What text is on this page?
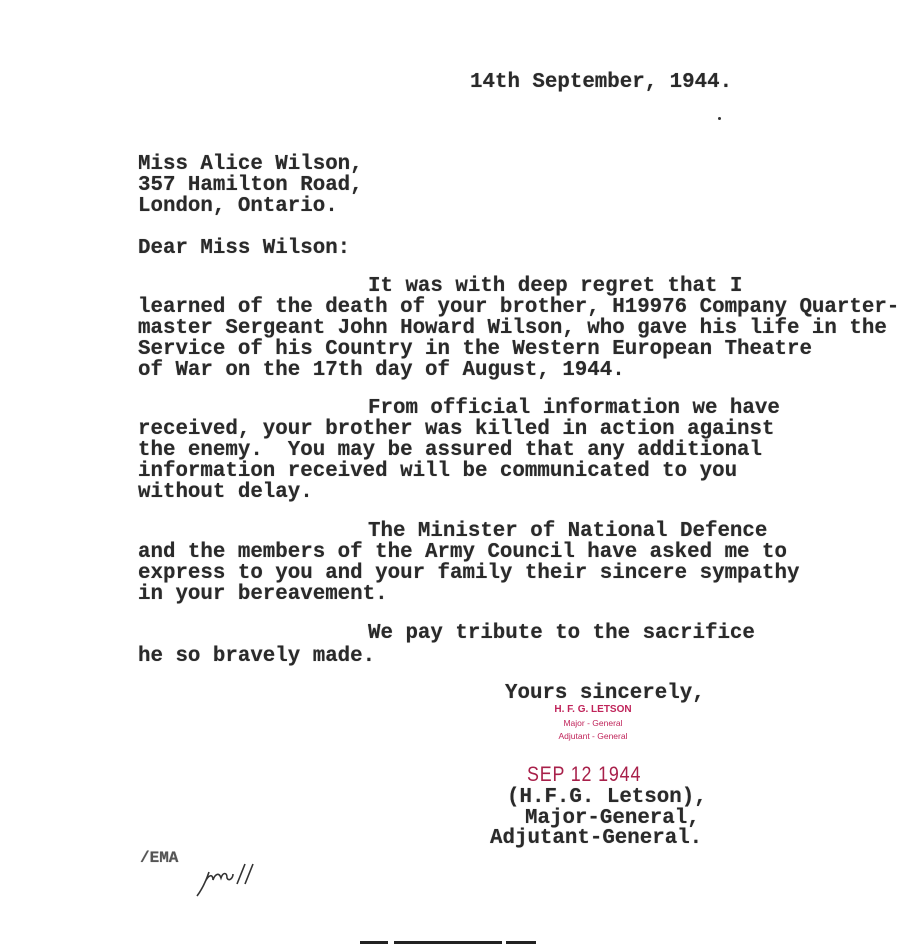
14th September, 1944.
Miss Alice Wilson,
357 Hamilton Road,
London, Ontario.
Dear Miss Wilson:
It was with deep regret that I
learned of the death of your brother, H19976 Company Quarter-
master Sergeant John Howard Wilson, who gave his life in the
Service of his Country in the Western European Theatre
of War on the 17th day of August, 1944.
From official information we have
received, your brother was killed in action against
the enemy.  You may be assured that any additional
information received will be communicated to you
without delay.
The Minister of National Defence
and the members of the Army Council have asked me to
express to you and your family their sincere sympathy
in your bereavement.
We pay tribute to the sacrifice
he so bravely made.
Yours sincerely,
H. F. G. LETSON
Major - General
Adjutant - General
SEP 12 1944
(H.F.G. Letson),
Major-General,
Adjutant-General.
/EMA
